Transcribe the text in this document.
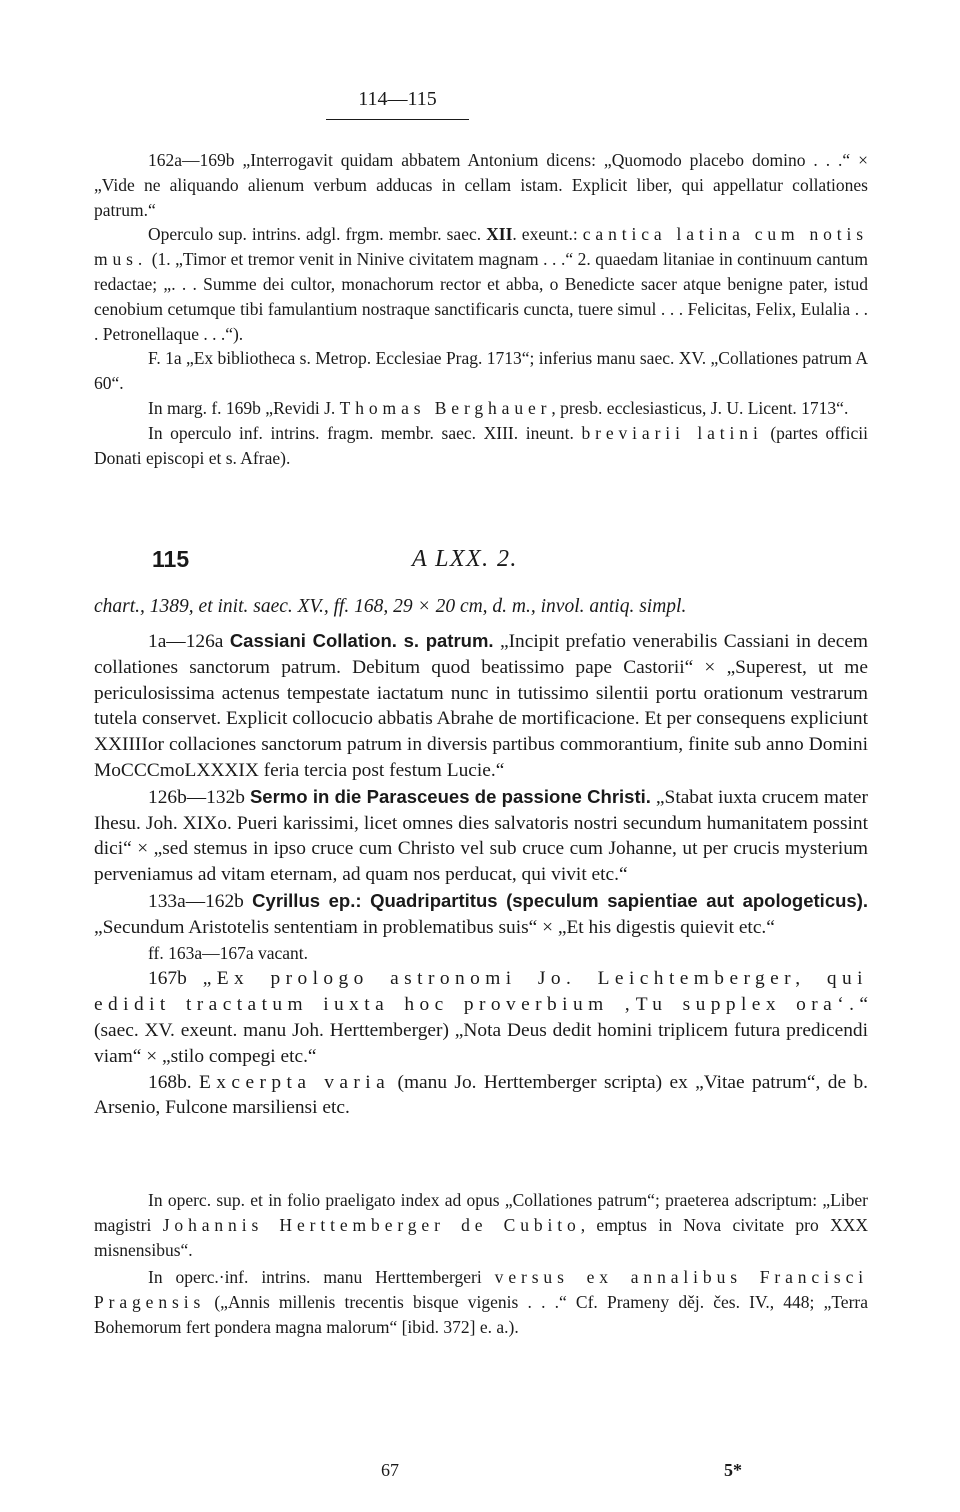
114—115

162a—169b „Interrogavit quidam abbatem Antonium dicens: „Quomodo placebo domino . . .“ × „Vide ne aliquando alienum verbum adducas in cellam istam. Explicit liber, qui appellatur collationes patrum.“

Operculo sup. intrins. adgl. frgm. membr. saec. XII. exeunt.: cantica latina cum notis mus. (1. „Timor et tremor venit in Ninive civitatem magnam . . .“ 2. quaedam litaniae in continuum cantum redactae; „. . . Summe dei cultor, monachorum rector et abba, o Benedicte sacer atque benigne pater, istud cenobium cetumque tibi famulantium nostraque sanctificaris cuncta, tuere simul . . . Felicitas, Felix, Eulalia . . . Petronellaque . . .“).

F. 1a „Ex bibliotheca s. Metrop. Ecclesiae Prag. 1713“; inferius manu saec. XV. „Collationes patrum A 60“.

In marg. f. 169b „Revidi J. Thomas Berghauer, presb. ecclesiasticus, J. U. Licent. 1713“.

In operculo inf. intrins. fragm. membr. saec. XIII. ineunt. breviarii latini (partes officii Donati episcopi et s. Afrae).

115	A LXX. 2.
chart., 1389, et init. saec. XV., ff. 168, 29 × 20 cm, d. m., invol. antiq. simpl.

1a—126a Cassiani Collation. s. patrum. „Incipit prefatio venerabilis Cassiani in decem collationes sanctorum patrum. Debitum quod beatissimo pape Castorii“ × „Superest, ut me periculosissima actenus tempestate iactatum nunc in tutissimo silentii portu orationum vestrarum tutela conservet. Explicit collocucio abbatis Abrahe de mortificacione. Et per consequens expliciunt XXIIIIor collaciones sanctorum patrum in diversis partibus commorantium, finite sub anno Domini MoCCCmoLXXXIX feria tercia post festum Lucie.“

126b—132b Sermo in die Parasceues de passione Christi. „Stabat iuxta crucem mater Ihesu. Joh. XIXo. Pueri karissimi, licet omnes dies salvatoris nostri secundum humanitatem possint dici“ × „sed stemus in ipso cruce cum Christo vel sub cruce cum Johanne, ut per crucis mysterium perveniamus ad vitam eternam, ad quam nos perducat, qui vivit etc.“

133a—162b Cyrillus ep.: Quadripartitus (speculum sapientiae aut apologeticus). „Secundum Aristotelis sententiam in problematibus suis“ × „Et his digestis quievit etc.“

ff. 163a—167a vacant.

167b „Ex prologo astronomi Jo. Leichtemberger, qui edidit tractatum iuxta hoc proverbium ‚Tu supplex ora‘.“ (saec. XV. exeunt. manu Joh. Herttemberger) „Nota Deus dedit homini triplicem futura predicendi viam“ × „stilo compegi etc.“

168b. Excerpta varia (manu Jo. Herttemberger scripta) ex „Vitae patrum“, de b. Arsenio, Fulcone marsiliensi etc.

In operc. sup. et in folio praeligato index ad opus „Collationes patrum“; praeterea adscriptum: „Liber magistri Johannis Herttemberger de Cubito, emptus in Nova civitate pro XXX misnensibus“.

In operc.·inf. intrins. manu Herttembergeri versus ex annalibus Francisci Pragensis („Annis millenis trecentis bisque vigenis . . .“ Cf. Prameny děj. čes. IV., 448; „Terra Bohemorum fert pondera magna malorum“ [ibid. 372] e. a.).

67	5*
